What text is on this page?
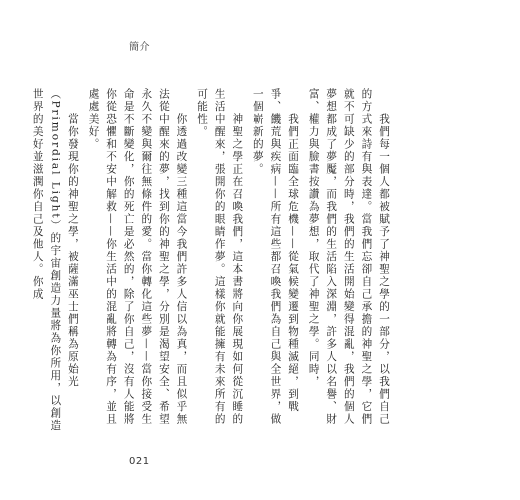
簡介

　　我們每一個人都被賦予了神聖之學的一部分，以我們自己的方式來詩有與表達。當我們忘卻自己承擔的神聖之學，它們就不可缺少的部分時，我們的生活開始變得混亂，我們的個人夢想都成了夢魘，而我們的生活陷入深淵，許多人以名譽、財富、權力與臉書按讚為夢想，取代了神聖之學。同時，

　　我們正面臨全球危機——從氣候變遷到物種滅絕，到戰爭、饑荒與疾病——所有這些都召喚我們為自己與全世界，做一個嶄新的夢。

　　神聖之學正在召喚我們，這本書將向你展現如何從沉睡的生活中醒來，張開你的眼睛作夢。這樣你就能擁有未來所有的可能性。

　　你透過改變三種這當今我們許多人信以為真，而且似乎無法從中醒來的夢，找到你的神聖之學，分別是渴望安全、希望永久不變與爾往無條件的愛。當你轉化這些夢——當你接受生命是不斷變化，你的死亡是必然的，除了你自己，沒有人能將你從恐懼和不安中解救——你生活中的混亂將轉為有序，並且處處美好。

　　當你發現你的神聖之學，被薩滿巫士們稱為原始光（Primordial Light）的宇宙創造力量將為你所用，以創造世界的美好並滋潤你自己及他人。你成

021
